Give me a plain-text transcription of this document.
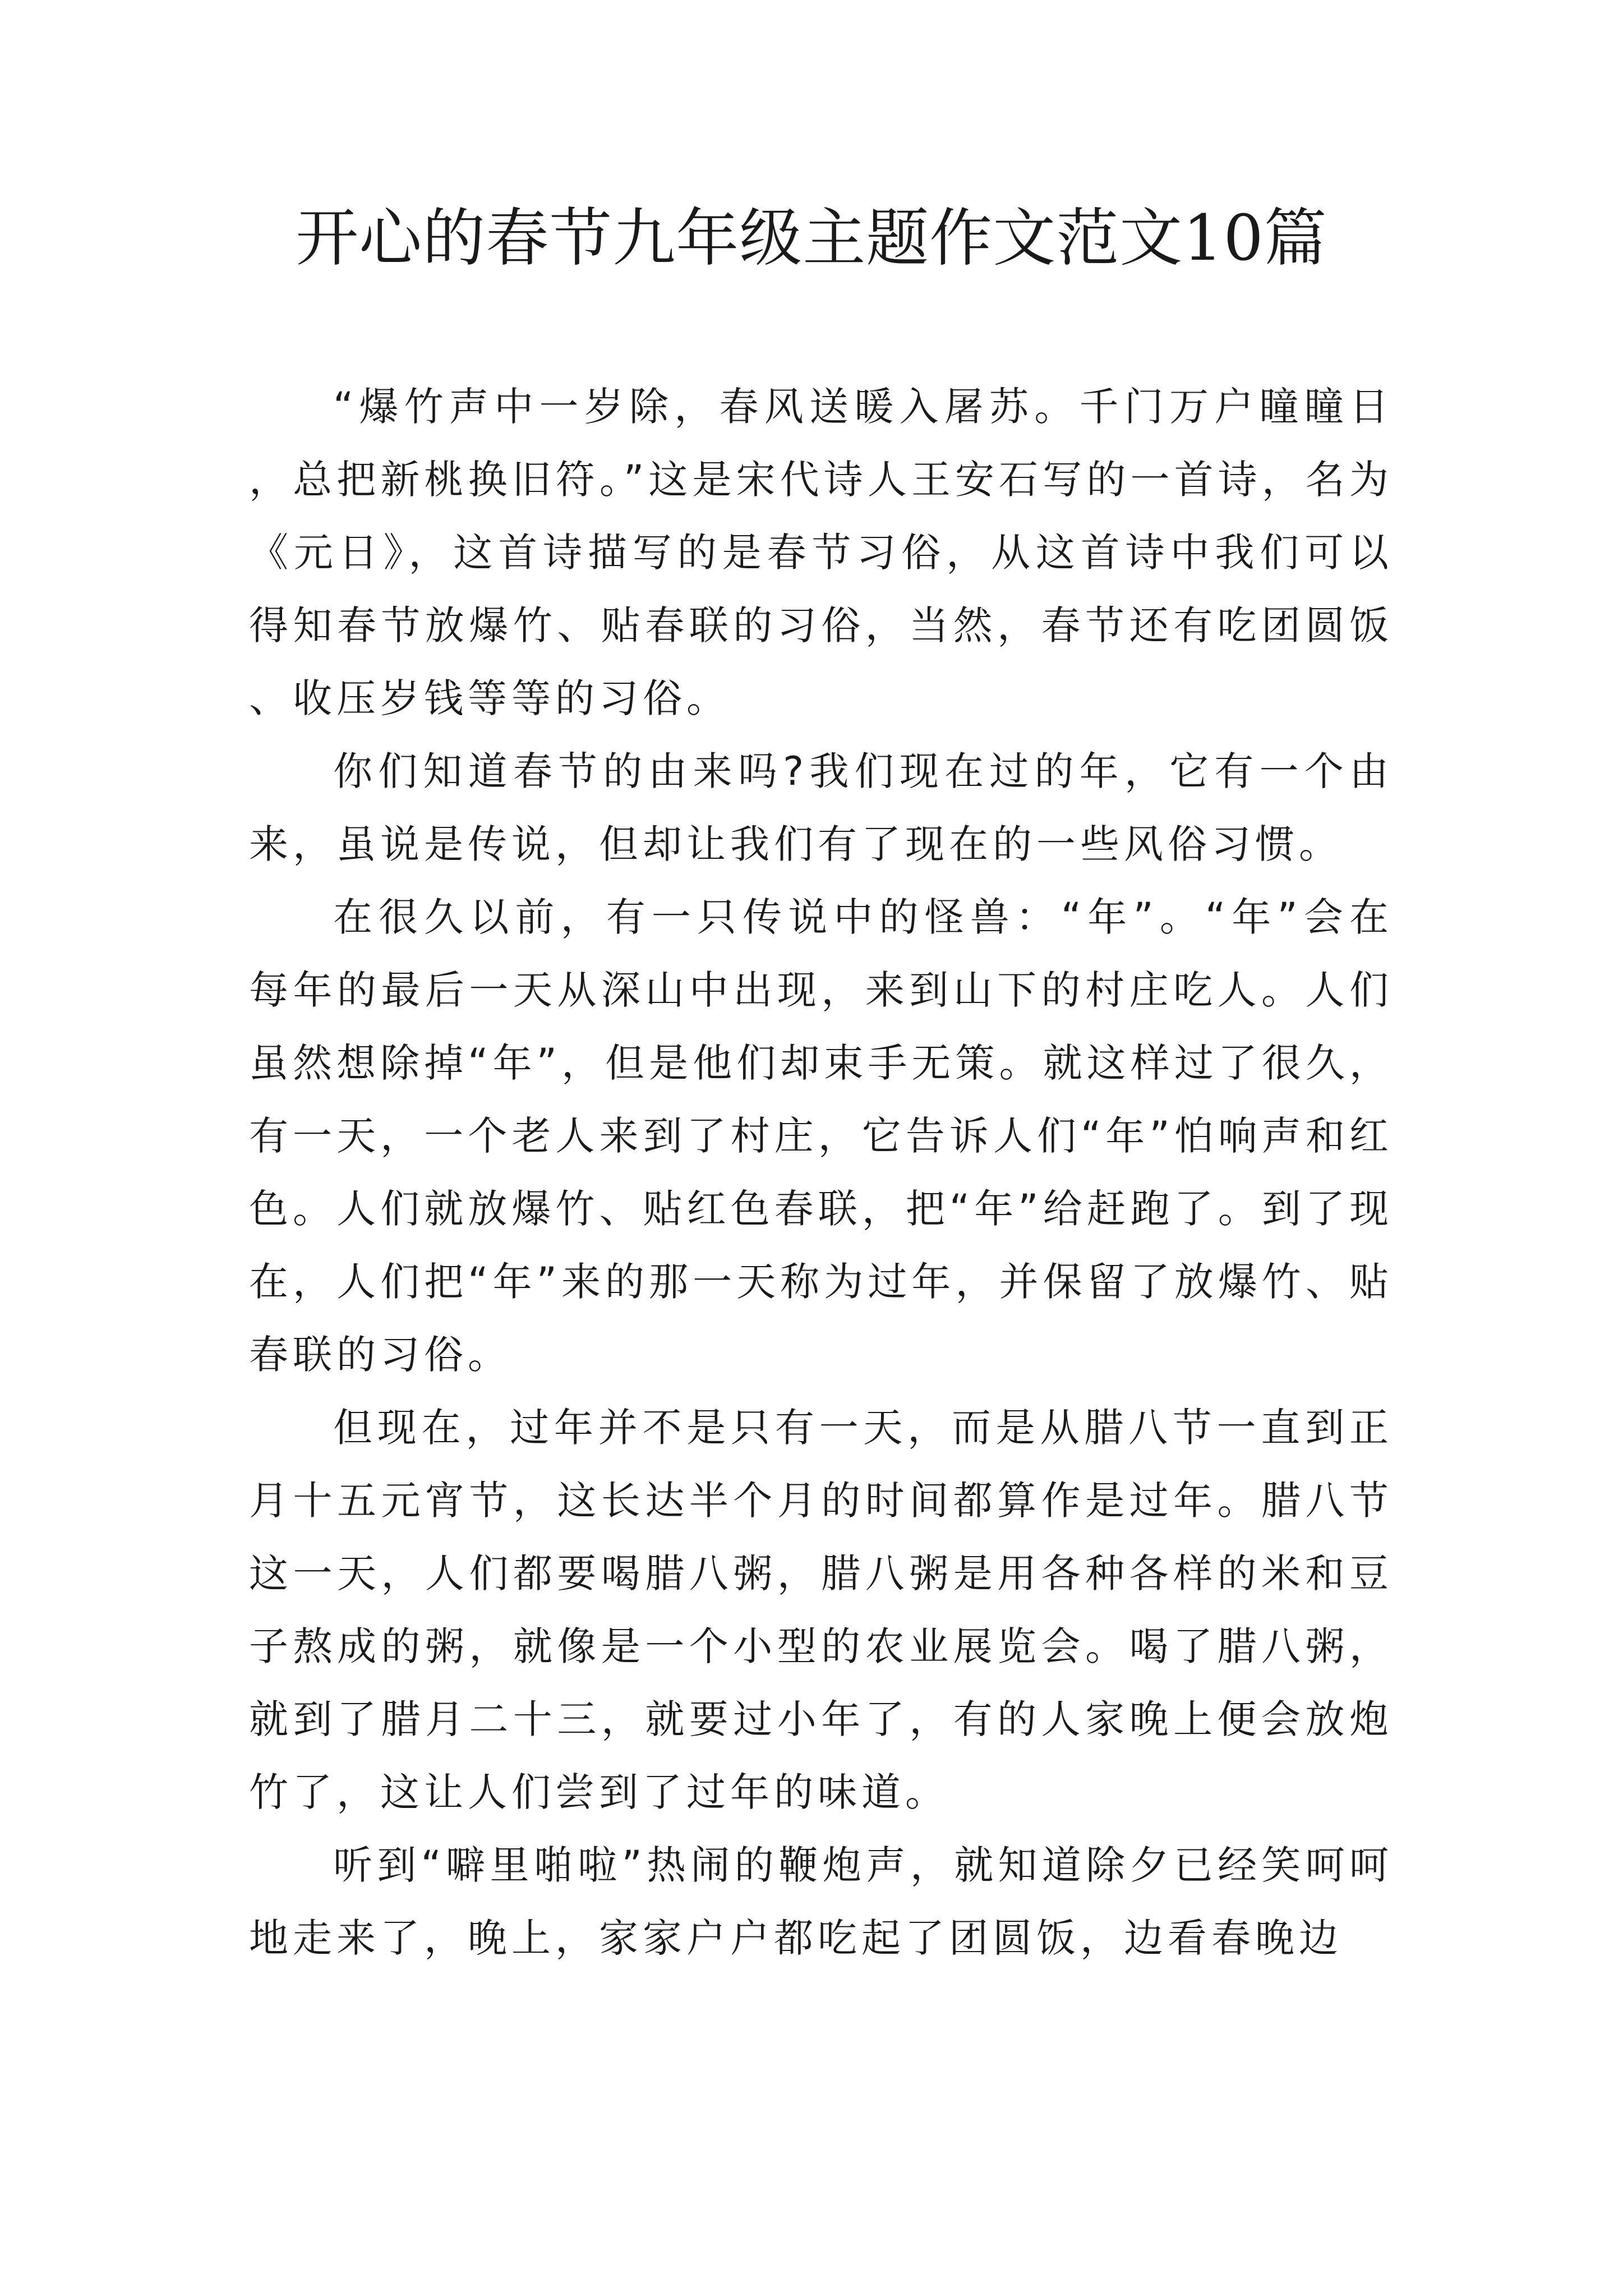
开心的春节九年级主题作文范文10篇

“爆竹声中一岁除，春风送暖入屠苏。千门万户瞳瞳日，总把新桃换旧符。”这是宋代诗人王安石写的一首诗，名为《元日》，这首诗描写的是春节习俗，从这首诗中我们可以得知春节放爆竹、贴春联的习俗，当然，春节还有吃团圆饭、收压岁钱等等的习俗。

你们知道春节的由来吗?我们现在过的年，它有一个由来，虽说是传说，但却让我们有了现在的一些风俗习惯。

在很久以前，有一只传说中的怪兽：“年”。“年”会在每年的最后一天从深山中出现，来到山下的村庄吃人。人们虽然想除掉“年”，但是他们却束手无策。就这样过了很久，有一天，一个老人来到了村庄，它告诉人们“年”怕响声和红色。人们就放爆竹、贴红色春联，把“年”给赶跑了。到了现在，人们把“年”来的那一天称为过年，并保留了放爆竹、贴春联的习俗。

但现在，过年并不是只有一天，而是从腊八节一直到正月十五元宵节，这长达半个月的时间都算作是过年。腊八节这一天，人们都要喝腊八粥，腊八粥是用各种各样的米和豆子熬成的粥，就像是一个小型的农业展览会。喝了腊八粥，就到了腊月二十三，就要过小年了，有的人家晚上便会放炮竹了，这让人们尝到了过年的味道。

听到“噼里啪啦”热闹的鞭炮声，就知道除夕已经笑呵呵地走来了，晚上，家家户户都吃起了团圆饭，边看春晚边
